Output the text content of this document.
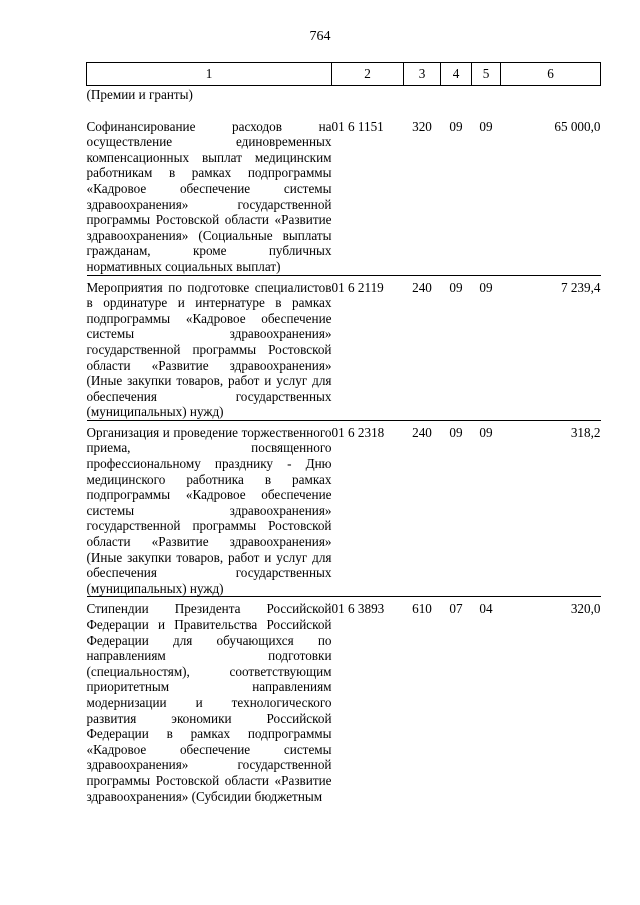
764
1	2	3	4	5	6
(Премии и гранты)					
Софинансирование расходов на осуществление единовременных компенсационных выплат медицинским работникам в рамках подпрограммы «Кадровое обеспечение системы здравоохранения» государственной программы Ростовской области «Развитие здравоохранения» (Социальные выплаты гражданам, кроме публичных нормативных социальных выплат)	01 6 1151	320	09	09	65 000,0
Мероприятия по подготовке специалистов в ординатуре и интернатуре в рамках подпрограммы «Кадровое обеспечение системы здравоохранения» государственной программы Ростовской области «Развитие здравоохранения» (Иные закупки товаров, работ и услуг для обеспечения государственных (муниципальных) нужд)	01 6 2119	240	09	09	7 239,4
Организация и проведение торжественного приема, посвященного профессиональному празднику - Дню медицинского работника в рамках подпрограммы «Кадровое обеспечение системы здравоохранения» государственной программы Ростовской области «Развитие здравоохранения» (Иные закупки товаров, работ и услуг для обеспечения государственных (муниципальных) нужд)	01 6 2318	240	09	09	318,2
Стипендии Президента Российской Федерации и Правительства Российской Федерации для обучающихся по направлениям подготовки (специальностям), соответствующим приоритетным направлениям модернизации и технологического развития экономики Российской Федерации в рамках подпрограммы «Кадровое обеспечение системы здравоохранения» государственной программы Ростовской области «Развитие здравоохранения» (Субсидии бюджетным	01 6 3893	610	07	04	320,0
